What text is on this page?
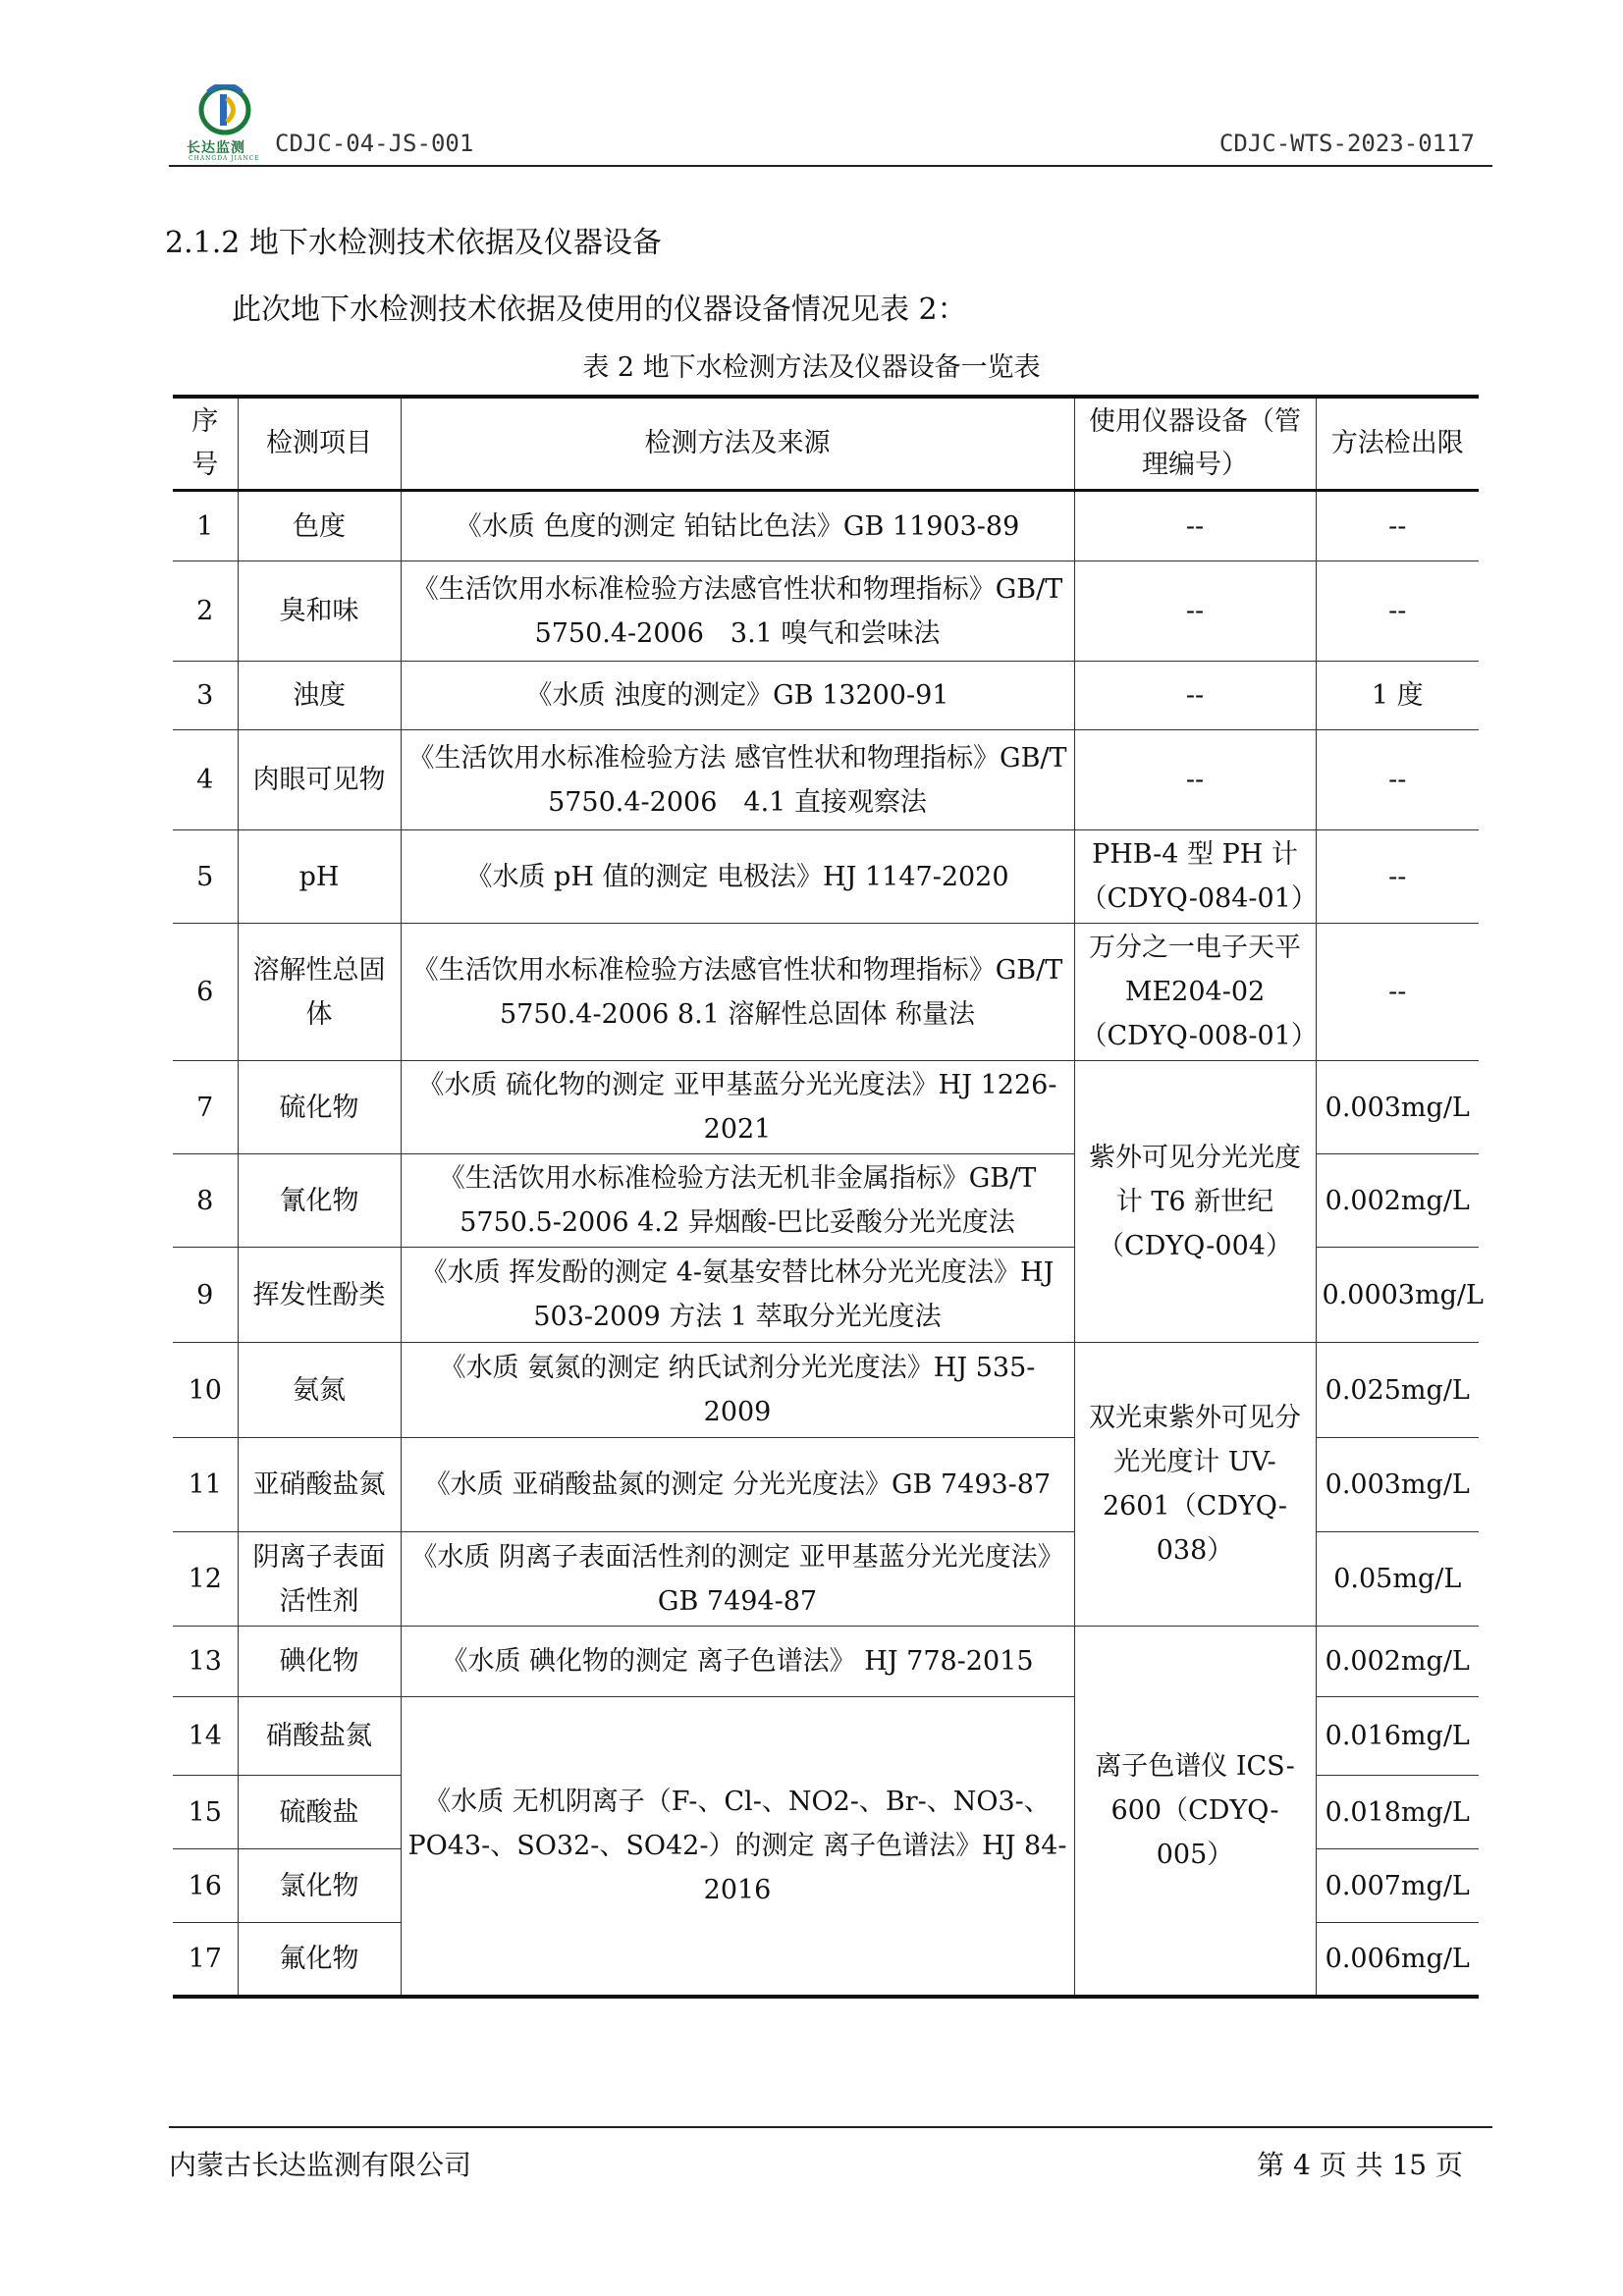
长达监测
CHANGDA JIANCE
CDJC-04-JS-001	CDJC-WTS-2023-0117
2.1.2 地下水检测技术依据及仪器设备
此次地下水检测技术依据及使用的仪器设备情况见表 2：
表 2 地下水检测方法及仪器设备一览表
序号	检测项目	检测方法及来源	使用仪器设备（管理编号）	方法检出限
1	色度	《水质 色度的测定 铂钴比色法》GB 11903-89	--	--
2	臭和味	《生活饮用水标准检验方法感官性状和物理指标》GB/T 5750.4-2006　3.1 嗅气和尝味法	--	--
3	浊度	《水质 浊度的测定》GB 13200-91	--	1 度
4	肉眼可见物	《生活饮用水标准检验方法 感官性状和物理指标》GB/T 5750.4-2006　4.1 直接观察法	--	--
5	pH	《水质 pH 值的测定 电极法》HJ 1147-2020	PHB-4 型 PH 计（CDYQ-084-01）	--
6	溶解性总固体	《生活饮用水标准检验方法感官性状和物理指标》GB/T 5750.4-2006 8.1 溶解性总固体 称量法	万分之一电子天平 ME204-02（CDYQ-008-01）	--
7	硫化物	《水质 硫化物的测定 亚甲基蓝分光光度法》HJ 1226-2021	紫外可见分光光度计 T6 新世纪（CDYQ-004）	0.003mg/L
8	氰化物	《生活饮用水标准检验方法无机非金属指标》GB/T 5750.5-2006 4.2 异烟酸-巴比妥酸分光光度法		0.002mg/L
9	挥发性酚类	《水质 挥发酚的测定 4-氨基安替比林分光光度法》HJ 503-2009 方法 1 萃取分光光度法		0.0003mg/L
10	氨氮	《水质 氨氮的测定 纳氏试剂分光光度法》HJ 535-2009	双光束紫外可见分光光度计 UV-2601（CDYQ-038）	0.025mg/L
11	亚硝酸盐氮	《水质 亚硝酸盐氮的测定 分光光度法》GB 7493-87		0.003mg/L
12	阴离子表面活性剂	《水质 阴离子表面活性剂的测定 亚甲基蓝分光光度法》GB 7494-87		0.05mg/L
13	碘化物	《水质 碘化物的测定 离子色谱法》 HJ 778-2015	离子色谱仪 ICS-600（CDYQ-005）	0.002mg/L
14	硝酸盐氮	《水质 无机阴离子（F-、Cl-、NO2-、Br-、NO3-、PO43-、SO32-、SO42-）的测定 离子色谱法》HJ 84-2016		0.016mg/L
15	硫酸盐			0.018mg/L
16	氯化物			0.007mg/L
17	氟化物			0.006mg/L
内蒙古长达监测有限公司	第 4 页 共 15 页
